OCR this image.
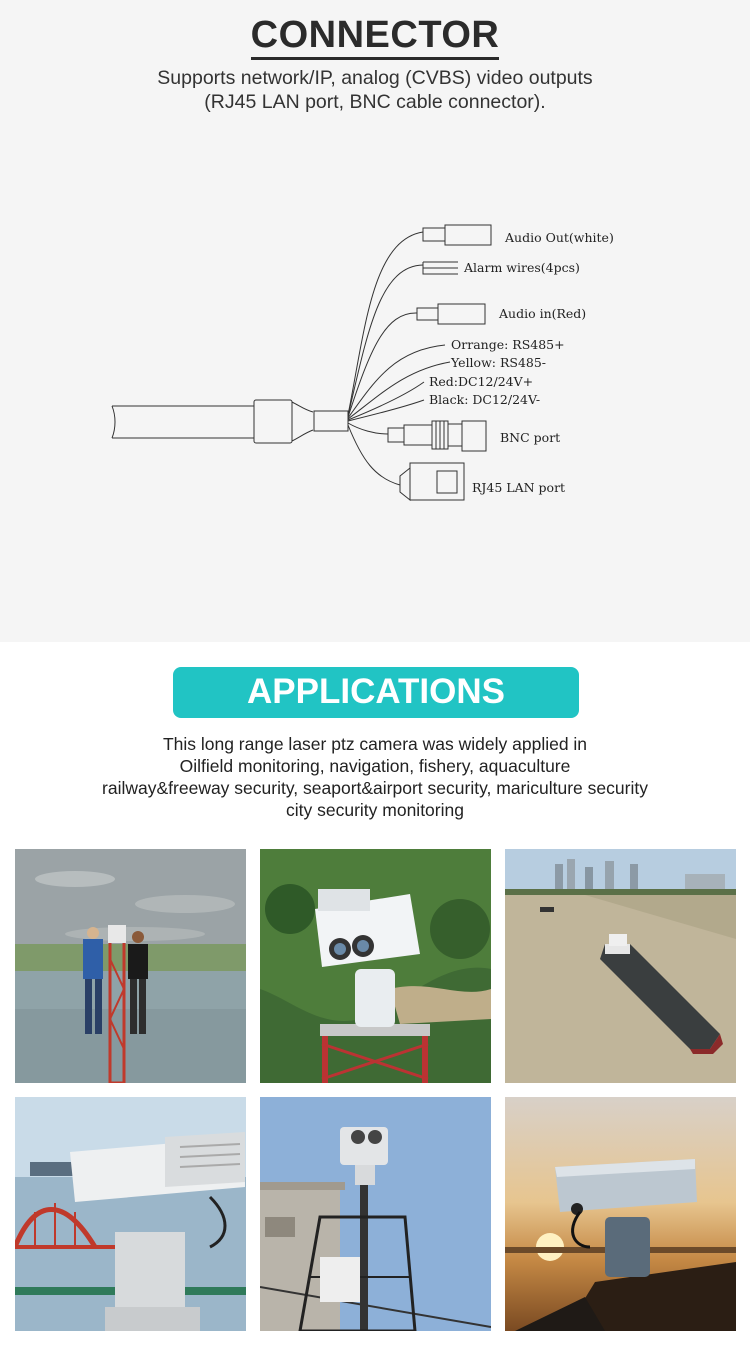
CONNECTOR
Supports network/IP, analog (CVBS) video outputs
(RJ45 LAN port, BNC cable connector).
Audio Out(white)
Alarm wires(4pcs)
Audio in(Red)
Orrange: RS485+
Yellow: RS485-
Red:DC12/24V+
Black: DC12/24V-
BNC port
RJ45 LAN port
APPLICATIONS
This long range laser ptz camera was widely applied in
Oilfield monitoring, navigation, fishery, aquaculture
railway&freeway security, seaport&airport security, mariculture security
city security monitoring
